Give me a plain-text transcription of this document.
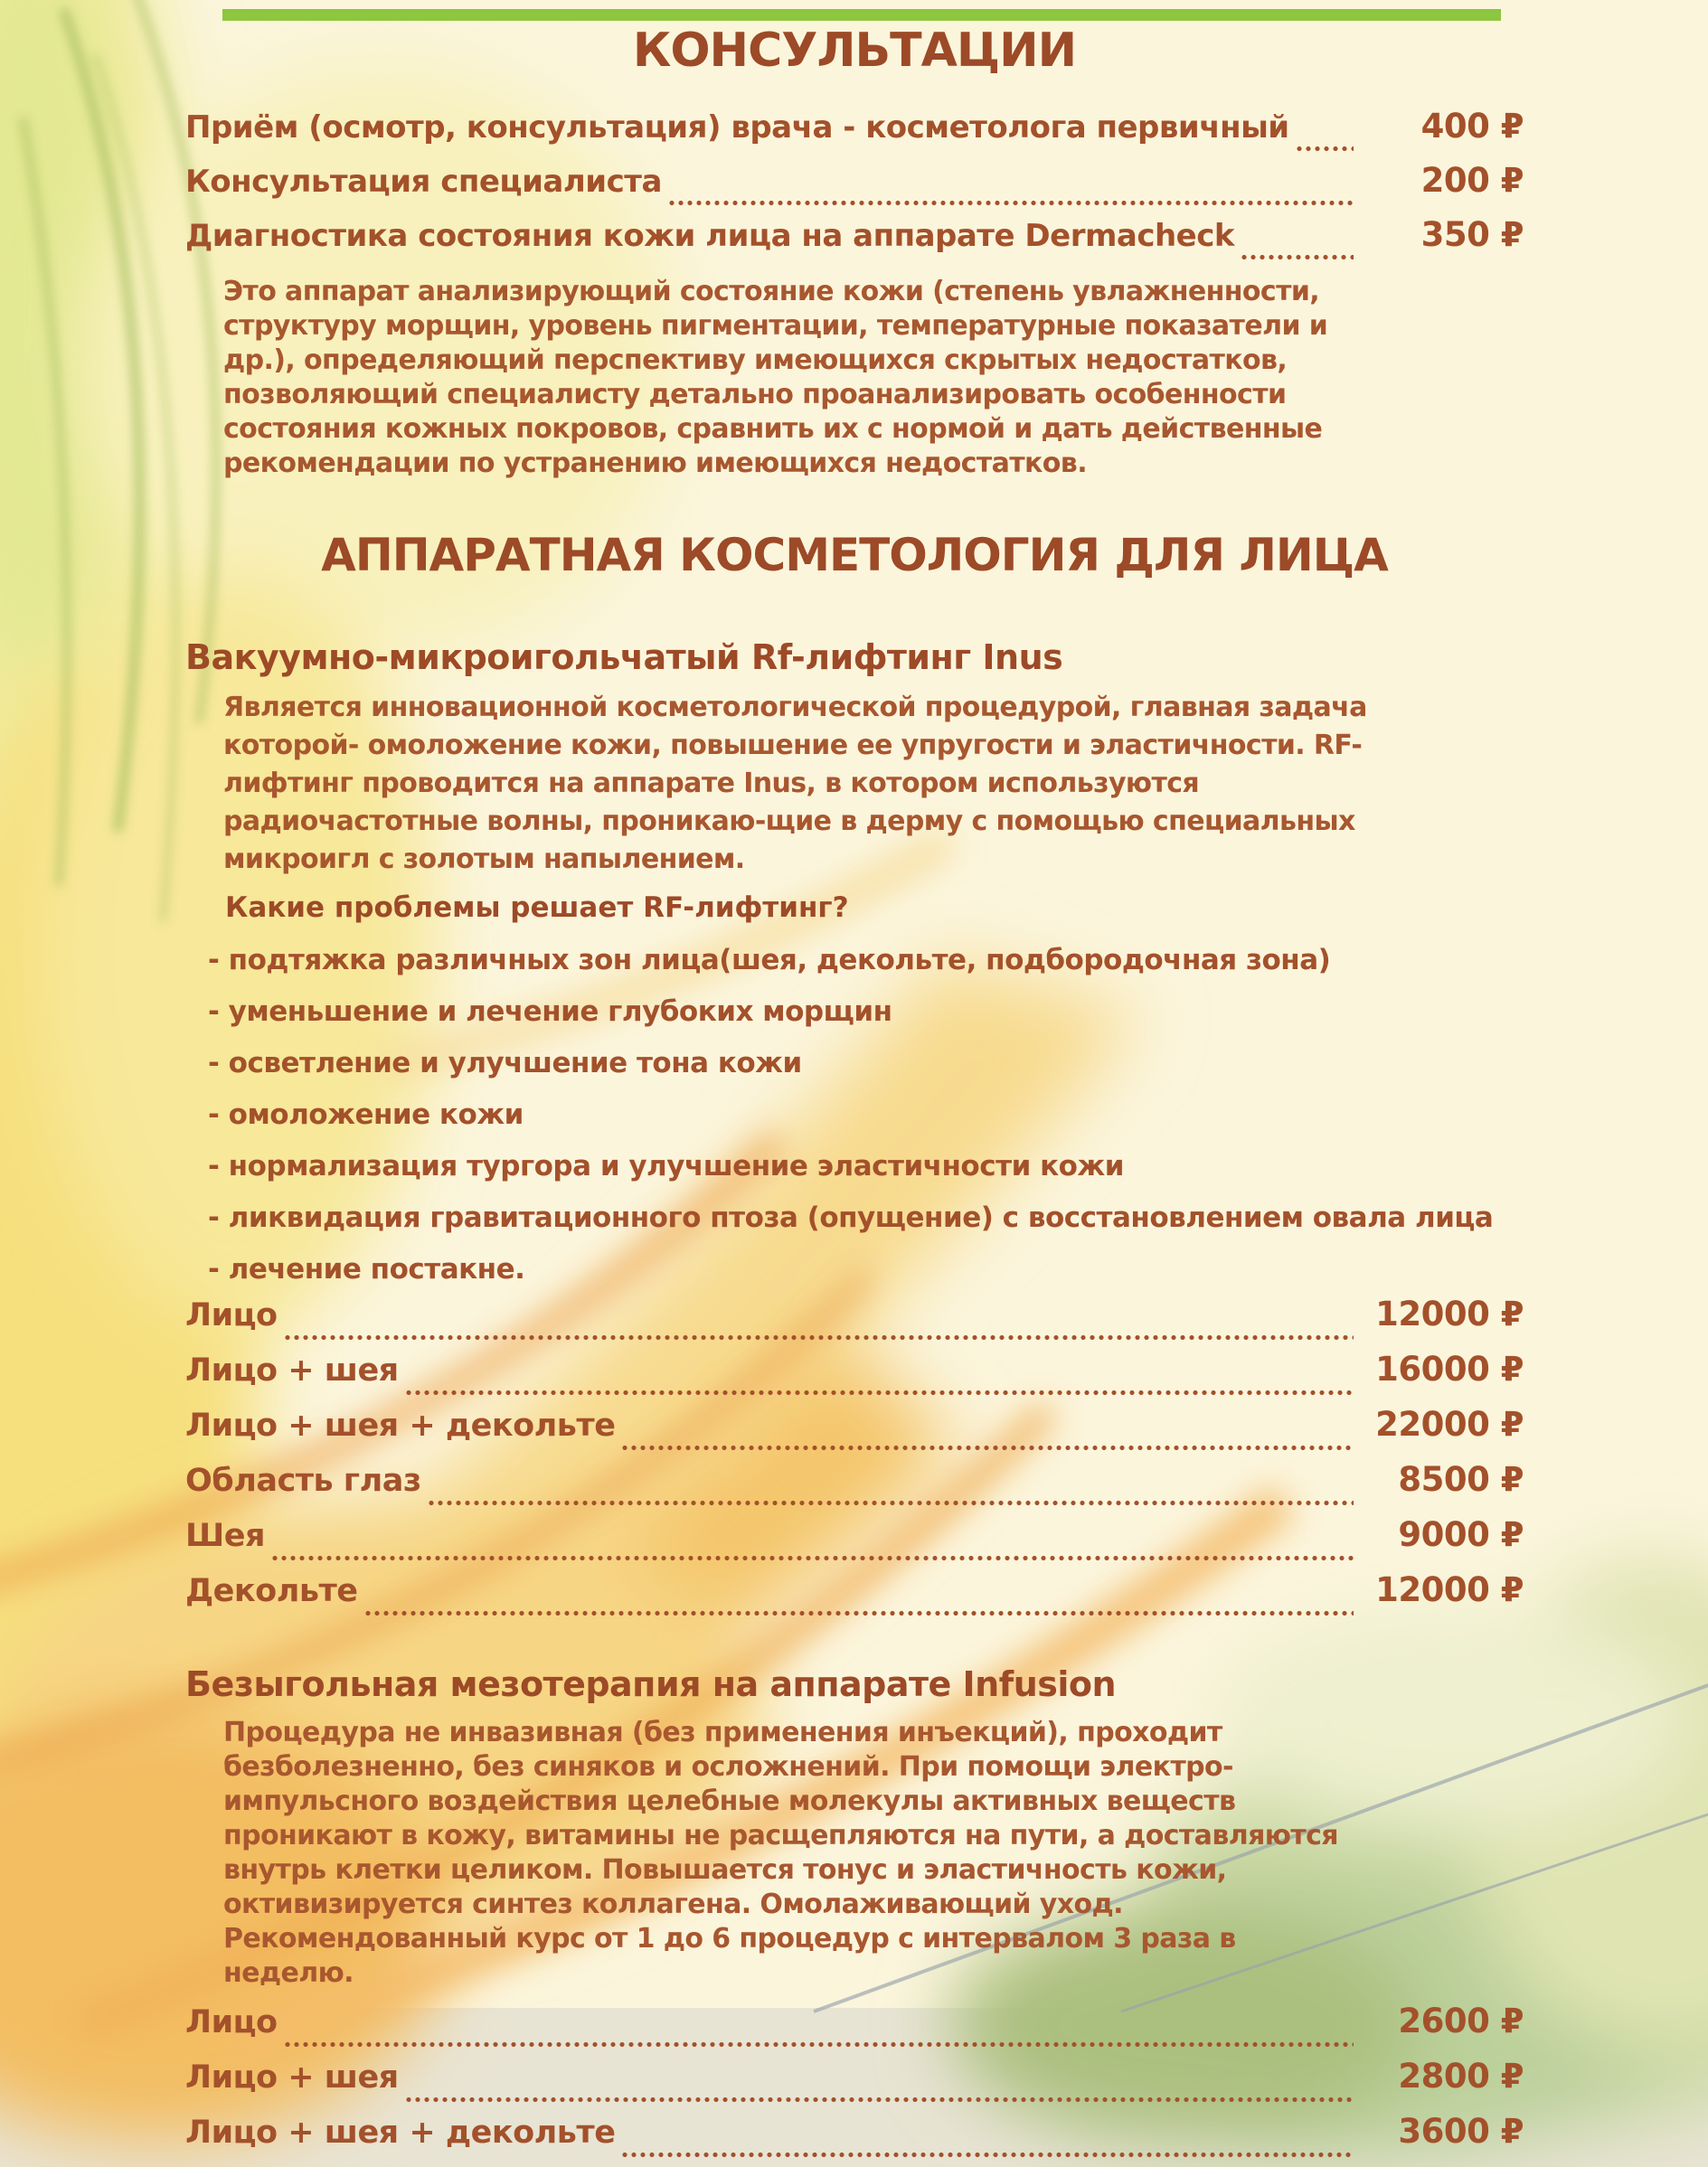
КОНСУЛЬТАЦИИ
Приём (осмотр, консультация) врача - косметолога первичный	400 ₽
Консультация специалиста	200 ₽
Диагностика состояния кожи лица на аппарате Dermacheck	350 ₽
Это аппарат анализирующий состояние кожи (степень увлажненности, структуру морщин, уровень пигментации, температурные показатели и др.), определяющий перспективу имеющихся скрытых недостатков, позволяющий специалисту детально проанализировать особенности состояния кожных покровов, сравнить их с нормой и дать действенные рекомендации по устранению имеющихся недостатков.
АППАРАТНАЯ КОСМЕТОЛОГИЯ ДЛЯ ЛИЦА
Вакуумно-микроигольчатый Rf-лифтинг Inus
Является инновационной косметологической процедурой, главная задача которой- омоложение кожи, повышение ее упругости и эластичности. RF-лифтинг проводится на аппарате Inus, в котором используются радиочастотные волны, проникаю-щие в дерму с помощью специальных микроигл с золотым напылением.
Какие проблемы решает RF-лифтинг?
- подтяжка различных зон лица(шея, декольте, подбородочная зона)
- уменьшение и лечение глубоких морщин
- осветление и улучшение тона кожи
- омоложение кожи
- нормализация тургора и улучшение эластичности кожи
- ликвидация гравитационного птоза (опущение) с восстановлением овала лица
- лечение постакне.
Лицо	12000 ₽
Лицо + шея	16000 ₽
Лицо + шея + декольте	22000 ₽
Область глаз	8500 ₽
Шея	9000 ₽
Декольте	12000 ₽
Безыгольная мезотерапия на аппарате Infusion
Процедура не инвазивная (без применения инъекций), проходит безболезненно, без синяков и осложнений. При помощи электро-импульсного воздействия целебные молекулы активных веществ проникают в кожу, витамины не расщепляются на пути, а доставляются внутрь клетки целиком. Повышается тонус и эластичность кожи, октивизируется синтез коллагена. Омолаживающий уход. Рекомендованный курс от 1 до 6 процедур с интервалом 3 раза в неделю.
Лицо	2600 ₽
Лицо + шея	2800 ₽
Лицо + шея + декольте	3600 ₽
